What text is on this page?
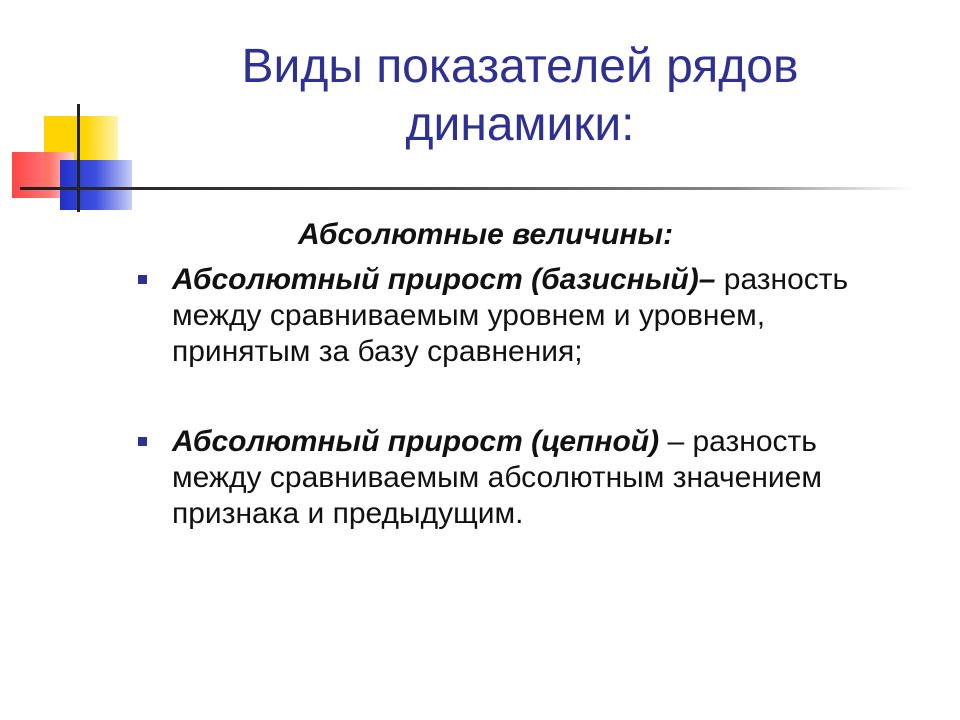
Виды показателей рядов динамики:

Абсолютные величины:

Абсолютный прирост (базисный)– разность между сравниваемым уровнем и уровнем, принятым за базу сравнения;
Абсолютный прирост (цепной) – разность между сравниваемым абсолютным значением признака и предыдущим.
